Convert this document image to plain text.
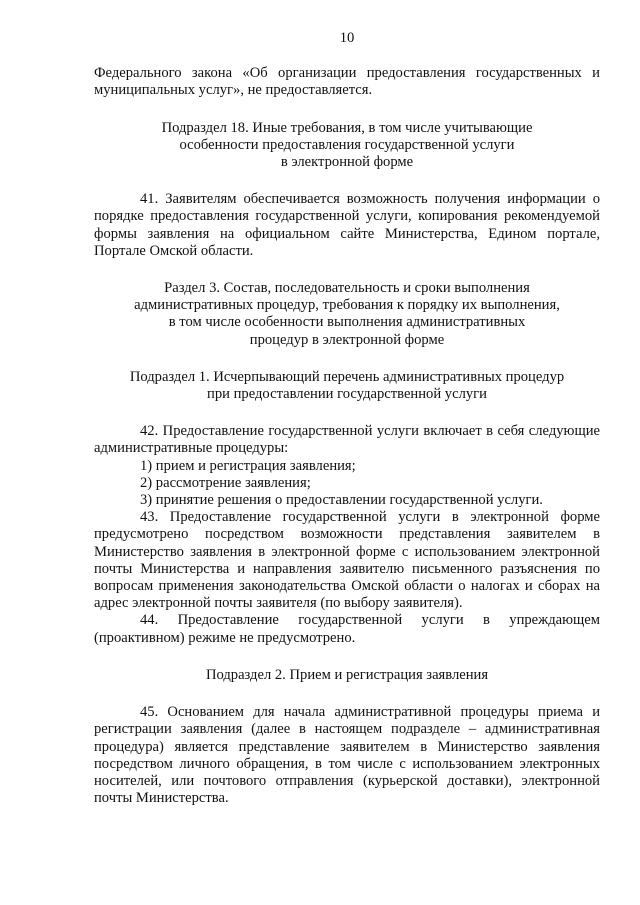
10

Федерального закона «Об организации предоставления государственных и муниципальных услуг», не предоставляется.

Подраздел 18. Иные требования, в том числе учитывающие
особенности предоставления государственной услуги
в электронной форме

41. Заявителям обеспечивается возможность получения информации о порядке предоставления государственной услуги, копирования рекомендуемой формы заявления на официальном сайте Министерства, Едином портале, Портале Омской области.

Раздел 3. Состав, последовательность и сроки выполнения
административных процедур, требования к порядку их выполнения,
в том числе особенности выполнения административных
процедур в электронной форме
Подраздел 1. Исчерпывающий перечень административных процедур
при предоставлении государственной услуги

42. Предоставление государственной услуги включает в себя следующие административные процедуры:

1) прием и регистрация заявления;

2) рассмотрение заявления;

3) принятие решения о предоставлении государственной услуги.

43. Предоставление государственной услуги в электронной форме предусмотрено посредством возможности представления заявителем в Министерство заявления в электронной форме с использованием электронной почты Министерства и направления заявителю письменного разъяснения по вопросам применения законодательства Омской области о налогах и сборах на адрес электронной почты заявителя (по выбору заявителя).

44. Предоставление государственной услуги в упреждающем (проактивном) режиме не предусмотрено.

Подраздел 2. Прием и регистрация заявления

45. Основанием для начала административной процедуры приема и регистрации заявления (далее в настоящем подразделе – административная процедура) является представление заявителем в Министерство заявления посредством личного обращения, в том числе с использованием электронных носителей, или почтового отправления (курьерской доставки), электронной почты Министерства.
